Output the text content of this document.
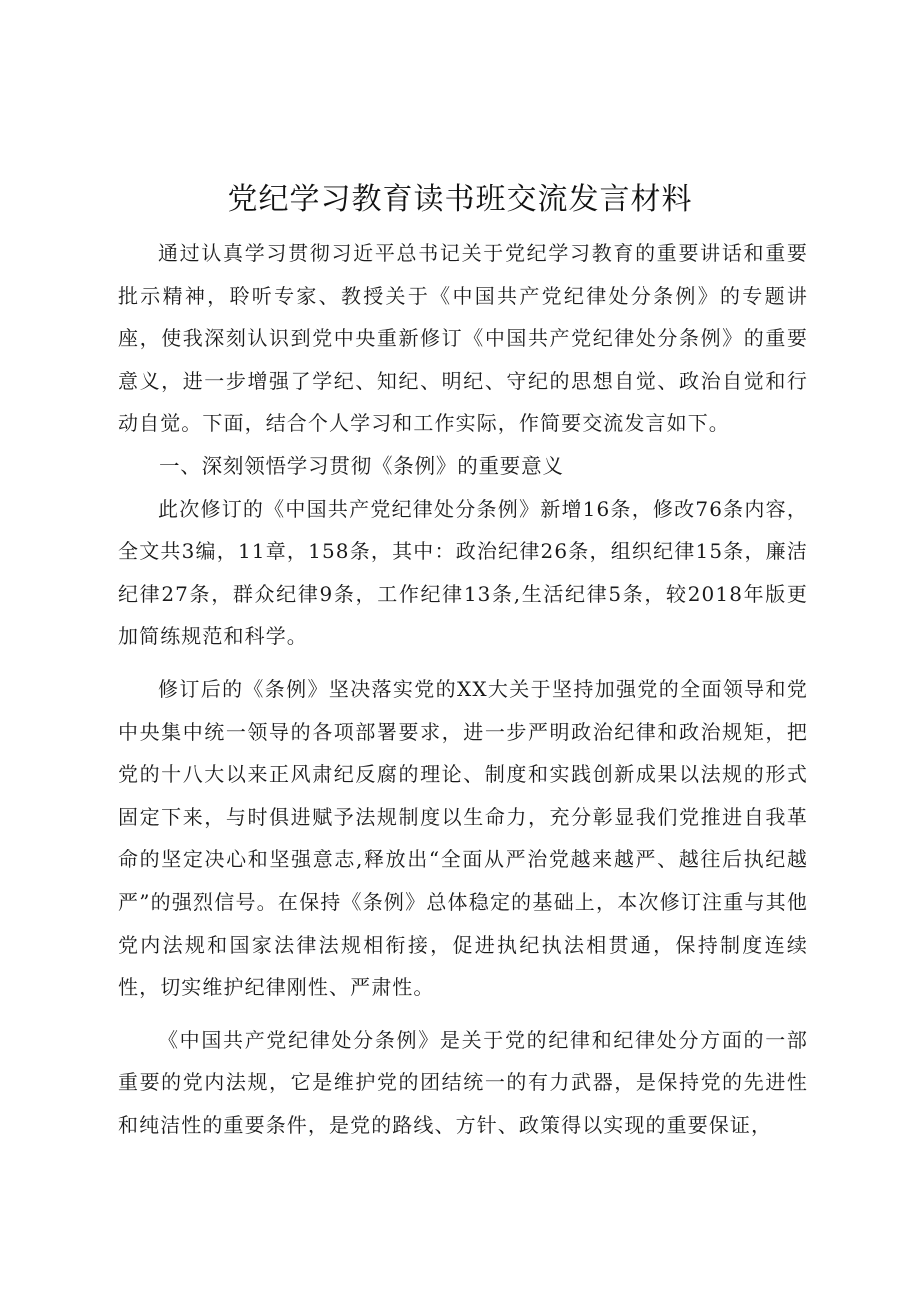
党纪学习教育读书班交流发言材料

通过认真学习贯彻习近平总书记关于党纪学习教育的重要讲话和重要批示精神，聆听专家、教授关于《中国共产党纪律处分条例》的专题讲座，使我深刻认识到党中央重新修订《中国共产党纪律处分条例》的重要意义，进一步增强了学纪、知纪、明纪、守纪的思想自觉、政治自觉和行动自觉。下面，结合个人学习和工作实际，作简要交流发言如下。

一、深刻领悟学习贯彻《条例》的重要意义

此次修订的《中国共产党纪律处分条例》新增16条，修改76条内容，全文共3编，11章，158条，其中：政治纪律26条，组织纪律15条，廉洁纪律27条，群众纪律9条，工作纪律13条,生活纪律5条，较2018年版更加简练规范和科学。

修订后的《条例》坚决落实党的XX大关于坚持加强党的全面领导和党中央集中统一领导的各项部署要求，进一步严明政治纪律和政治规矩，把党的十八大以来正风肃纪反腐的理论、制度和实践创新成果以法规的形式固定下来，与时俱进赋予法规制度以生命力，充分彰显我们党推进自我革命的坚定决心和坚强意志,释放出“全面从严治党越来越严、越往后执纪越严”的强烈信号。在保持《条例》总体稳定的基础上，本次修订注重与其他党内法规和国家法律法规相衔接，促进执纪执法相贯通，保持制度连续性，切实维护纪律刚性、严肃性。

《中国共产党纪律处分条例》是关于党的纪律和纪律处分方面的一部重要的党内法规，它是维护党的团结统一的有力武器，是保持党的先进性和纯洁性的重要条件，是党的路线、方针、政策得以实现的重要保证，
